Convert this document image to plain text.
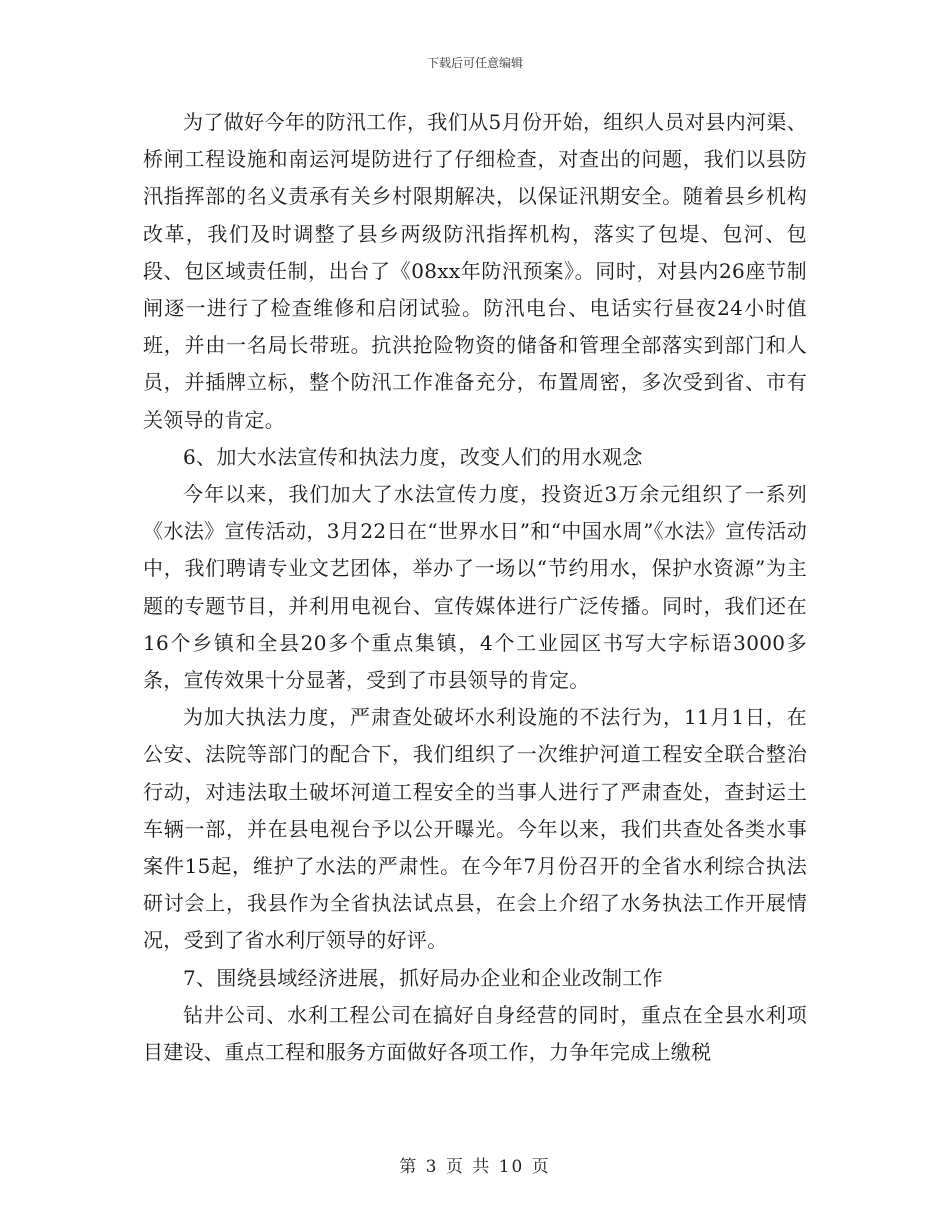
下载后可任意编辑

为了做好今年的防汛工作，我们从5月份开始，组织人员对县内河渠、桥闸工程设施和南运河堤防进行了仔细检查，对查出的问题，我们以县防汛指挥部的名义责承有关乡村限期解决，以保证汛期安全。随着县乡机构改革，我们及时调整了县乡两级防汛指挥机构，落实了包堤、包河、包段、包区域责任制，出台了《08xx年防汛预案》。同时，对县内26座节制闸逐一进行了检查维修和启闭试验。防汛电台、电话实行昼夜24小时值班，并由一名局长带班。抗洪抢险物资的储备和管理全部落实到部门和人员，并插牌立标，整个防汛工作准备充分，布置周密，多次受到省、市有关领导的肯定。

6、加大水法宣传和执法力度，改变人们的用水观念

今年以来，我们加大了水法宣传力度，投资近3万余元组织了一系列《水法》宣传活动，3月22日在“世界水日”和“中国水周”《水法》宣传活动中，我们聘请专业文艺团体，举办了一场以“节约用水，保护水资源”为主题的专题节目，并利用电视台、宣传媒体进行广泛传播。同时，我们还在16个乡镇和全县20多个重点集镇，4个工业园区书写大字标语3000多条，宣传效果十分显著，受到了市县领导的肯定。

为加大执法力度，严肃查处破坏水利设施的不法行为，11月1日，在公安、法院等部门的配合下，我们组织了一次维护河道工程安全联合整治行动，对违法取土破坏河道工程安全的当事人进行了严肃查处，查封运土车辆一部，并在县电视台予以公开曝光。今年以来，我们共查处各类水事案件15起，维护了水法的严肃性。在今年7月份召开的全省水利综合执法研讨会上，我县作为全省执法试点县，在会上介绍了水务执法工作开展情况，受到了省水利厅领导的好评。

7、围绕县域经济进展，抓好局办企业和企业改制工作

钻井公司、水利工程公司在搞好自身经营的同时，重点在全县水利项目建设、重点工程和服务方面做好各项工作，力争年完成上缴税

第 3 页 共 10 页
